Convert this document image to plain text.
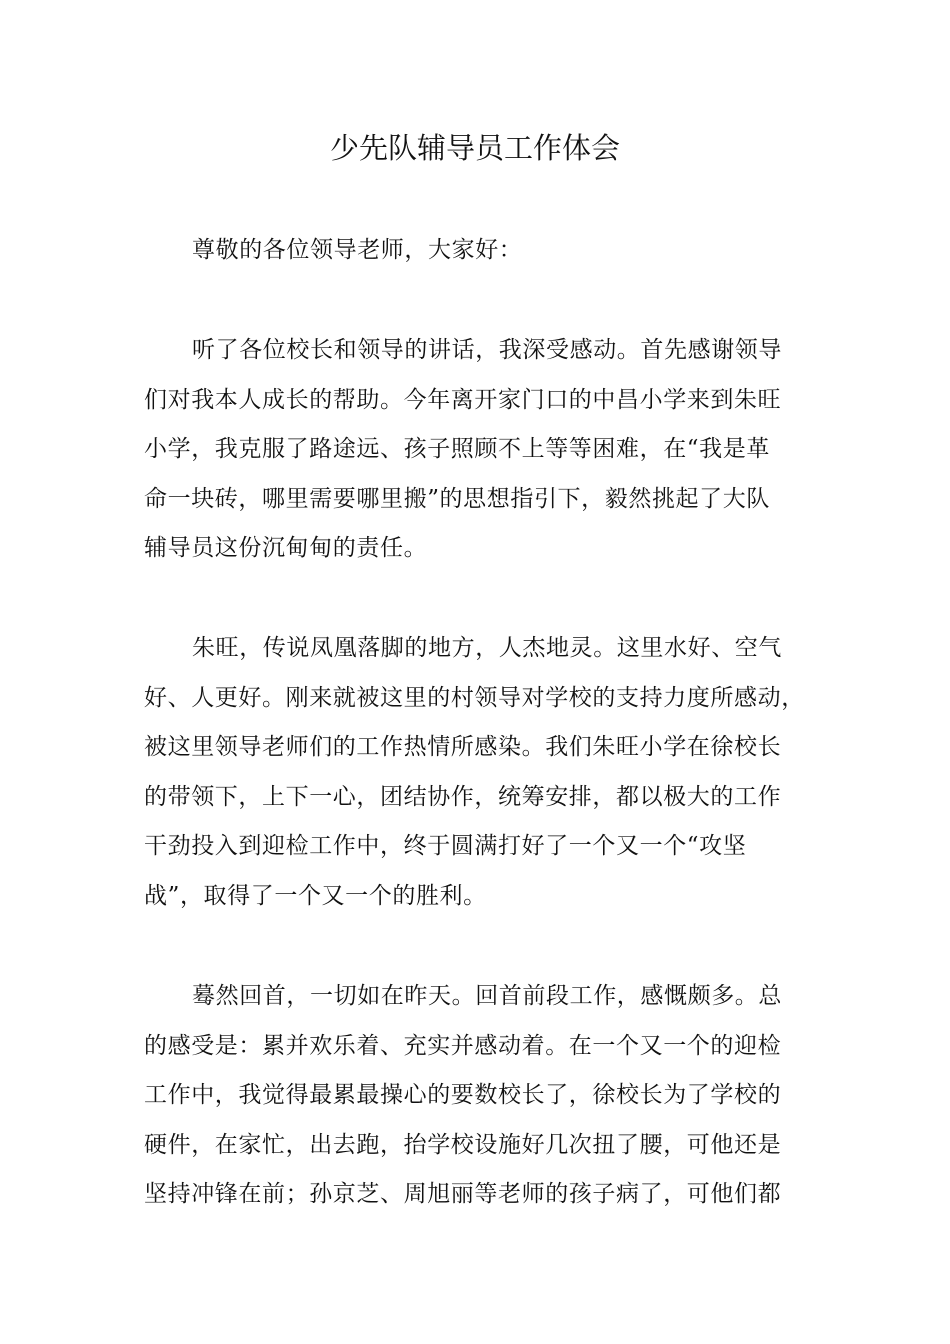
少先队辅导员工作体会
尊敬的各位领导老师，大家好：
听了各位校长和领导的讲话，我深受感动。首先感谢领导
们对我本人成长的帮助。今年离开家门口的中昌小学来到朱旺
小学，我克服了路途远、孩子照顾不上等等困难，在“我是革
命一块砖，哪里需要哪里搬”的思想指引下，毅然挑起了大队
辅导员这份沉甸甸的责任。
朱旺，传说凤凰落脚的地方，人杰地灵。这里水好、空气
好、人更好。刚来就被这里的村领导对学校的支持力度所感动，
被这里领导老师们的工作热情所感染。我们朱旺小学在徐校长
的带领下，上下一心，团结协作，统筹安排，都以极大的工作
干劲投入到迎检工作中，终于圆满打好了一个又一个“攻坚
战”，取得了一个又一个的胜利。
蓦然回首，一切如在昨天。回首前段工作，感慨颇多。总
的感受是：累并欢乐着、充实并感动着。在一个又一个的迎检
工作中，我觉得最累最操心的要数校长了，徐校长为了学校的
硬件，在家忙，出去跑，抬学校设施好几次扭了腰，可他还是
坚持冲锋在前；孙京芝、周旭丽等老师的孩子病了，可他们都
